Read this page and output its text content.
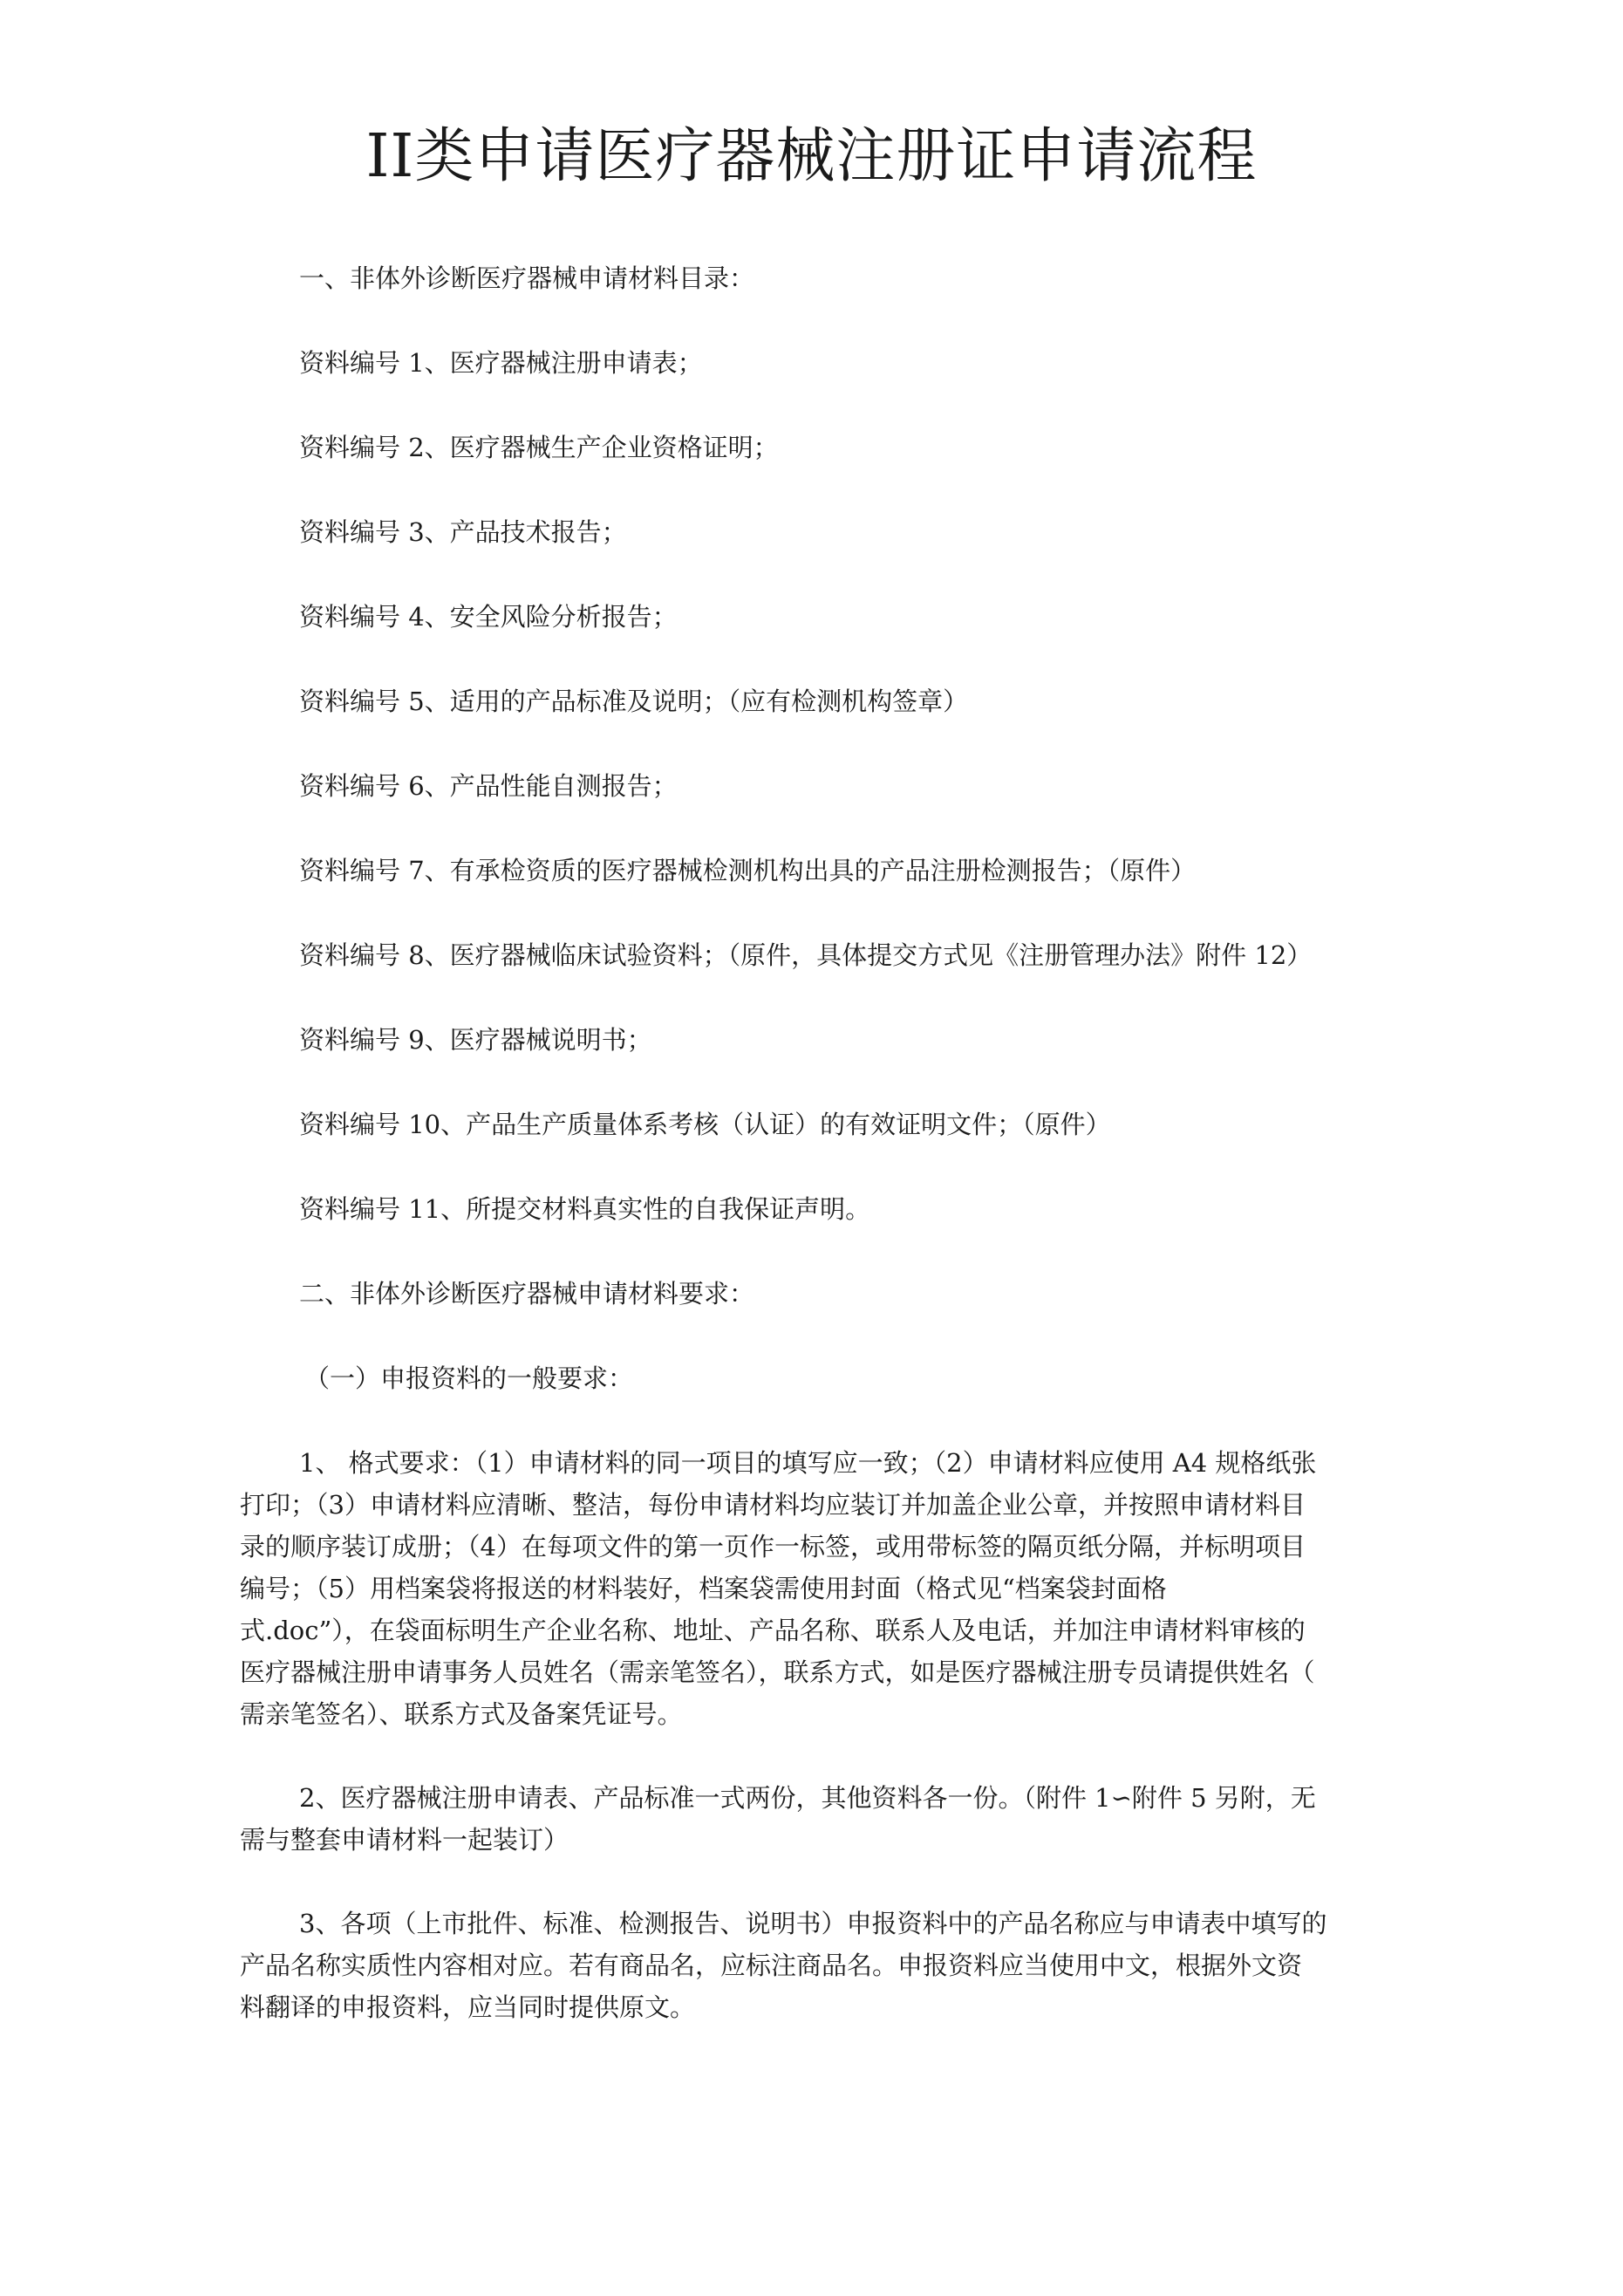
II类申请医疗器械注册证申请流程

一、非体外诊断医疗器械申请材料目录：

资料编号 1、医疗器械注册申请表；

资料编号 2、医疗器械生产企业资格证明；

资料编号 3、产品技术报告；

资料编号 4、安全风险分析报告；

资料编号 5、适用的产品标准及说明；（应有检测机构签章）

资料编号 6、产品性能自测报告；

资料编号 7、有承检资质的医疗器械检测机构出具的产品注册检测报告；（原件）

资料编号 8、医疗器械临床试验资料；（原件，具体提交方式见《注册管理办法》附件 12）

资料编号 9、医疗器械说明书；

资料编号 10、产品生产质量体系考核（认证）的有效证明文件；（原件）

资料编号 11、所提交材料真实性的自我保证声明。

二、非体外诊断医疗器械申请材料要求：

（一）申报资料的一般要求：

1、 格式要求：（1）申请材料的同一项目的填写应一致；（2）申请材料应使用 A4 规格纸张

打印；（3）申请材料应清晰、整洁，每份申请材料均应装订并加盖企业公章，并按照申请材料目

录的顺序装订成册；（4）在每项文件的第一页作一标签，或用带标签的隔页纸分隔，并标明项目

编号；（5）用档案袋将报送的材料装好，档案袋需使用封面（格式见“档案袋封面格

式.doc”），在袋面标明生产企业名称、地址、产品名称、联系人及电话，并加注申请材料审核的

医疗器械注册申请事务人员姓名（需亲笔签名），联系方式，如是医疗器械注册专员请提供姓名（

需亲笔签名）、联系方式及备案凭证号。

2、医疗器械注册申请表、产品标准一式两份，其他资料各一份。（附件 1∽附件 5 另附，无

需与整套申请材料一起装订）

3、各项（上市批件、标准、检测报告、说明书）申报资料中的产品名称应与申请表中填写的

产品名称实质性内容相对应。若有商品名，应标注商品名。申报资料应当使用中文，根据外文资

料翻译的申报资料，应当同时提供原文。
